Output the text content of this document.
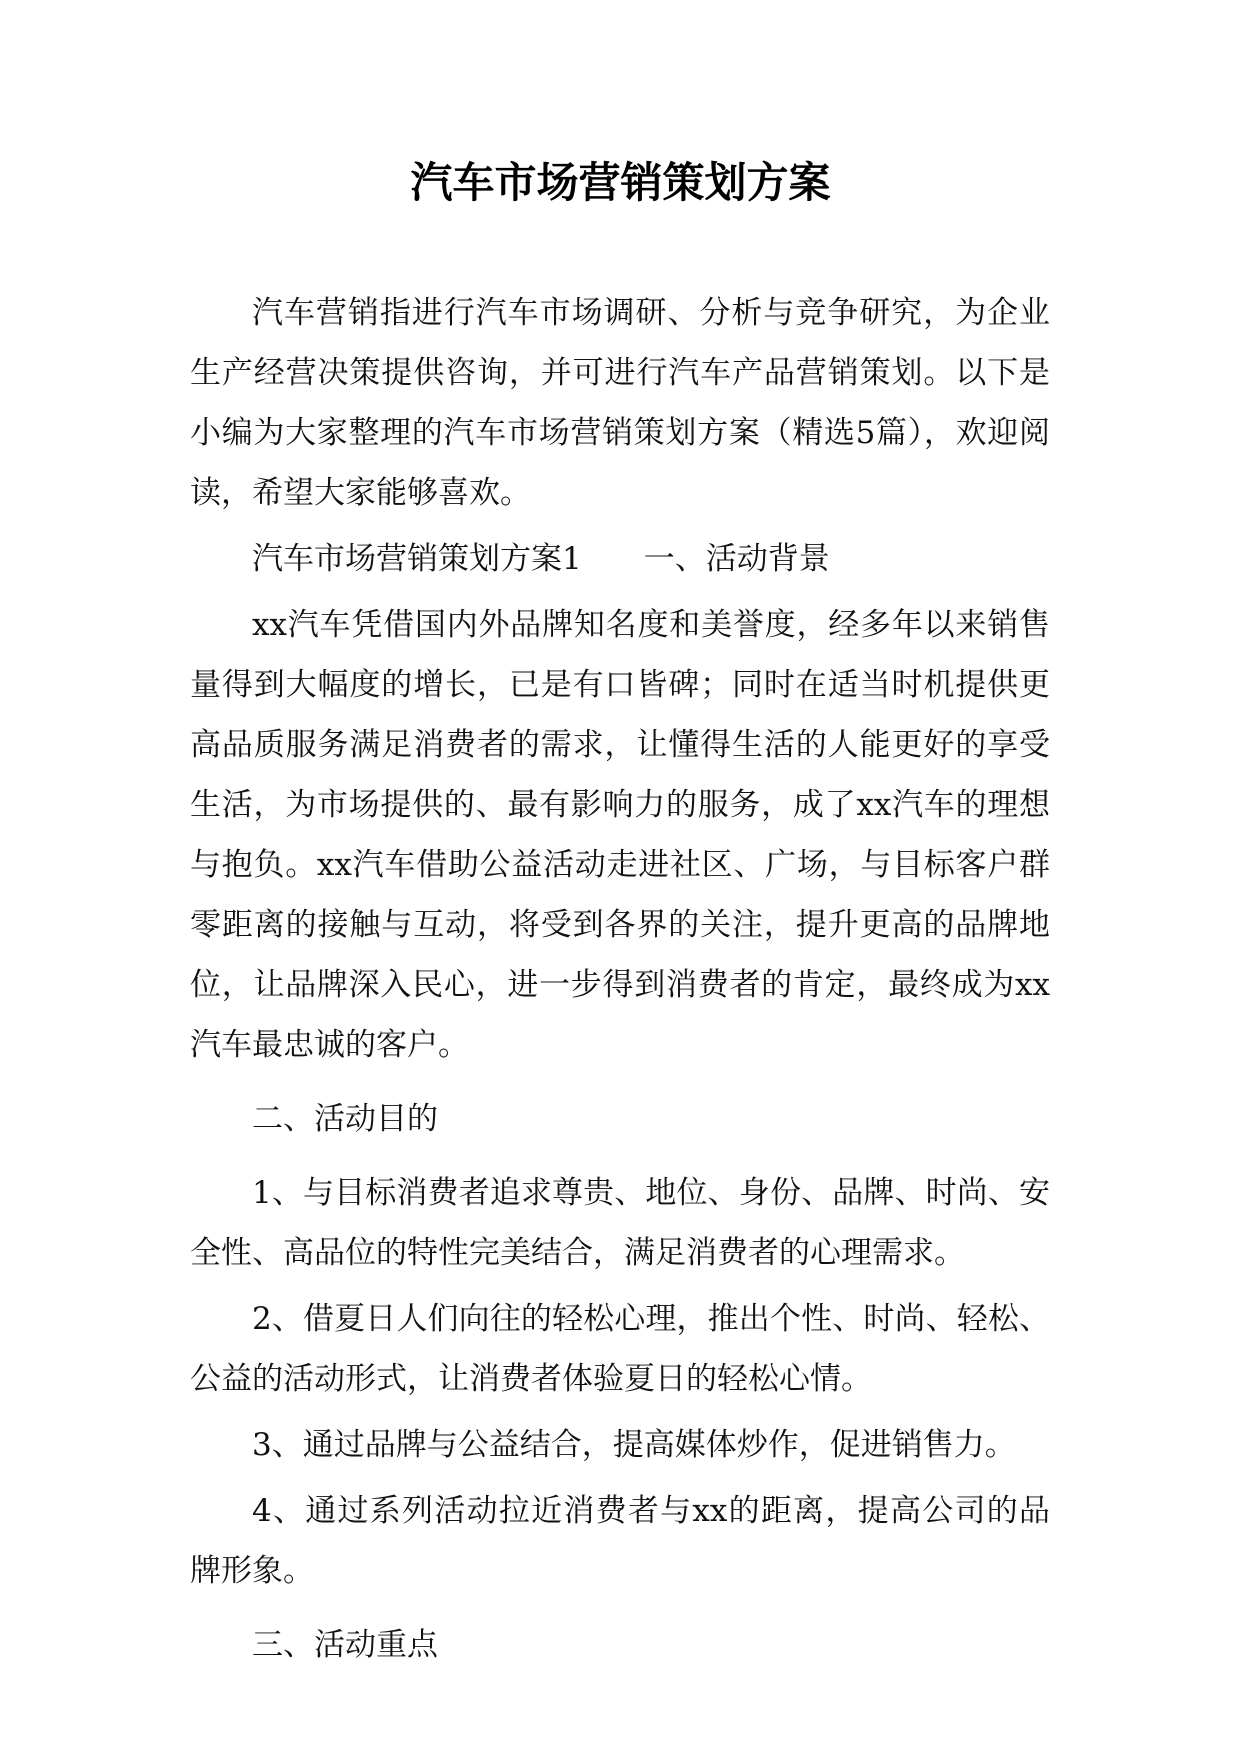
汽车市场营销策划方案

汽车营销指进行汽车市场调研、分析与竞争研究，为企业生产经营决策提供咨询，并可进行汽车产品营销策划。以下是小编为大家整理的汽车市场营销策划方案（精选5篇），欢迎阅读，希望大家能够喜欢。

汽车市场营销策划方案1　　一、活动背景

xx汽车凭借国内外品牌知名度和美誉度，经多年以来销售量得到大幅度的增长，已是有口皆碑；同时在适当时机提供更高品质服务满足消费者的需求，让懂得生活的人能更好的享受生活，为市场提供的、最有影响力的服务，成了xx汽车的理想与抱负。xx汽车借助公益活动走进社区、广场，与目标客户群零距离的接触与互动，将受到各界的关注，提升更高的品牌地位，让品牌深入民心，进一步得到消费者的肯定，最终成为xx汽车最忠诚的客户。

二、活动目的

1、与目标消费者追求尊贵、地位、身份、品牌、时尚、安全性、高品位的特性完美结合，满足消费者的心理需求。

2、借夏日人们向往的轻松心理，推出个性、时尚、轻松、公益的活动形式，让消费者体验夏日的轻松心情。

3、通过品牌与公益结合，提高媒体炒作，促进销售力。

4、通过系列活动拉近消费者与xx的距离，提高公司的品牌形象。

三、活动重点
